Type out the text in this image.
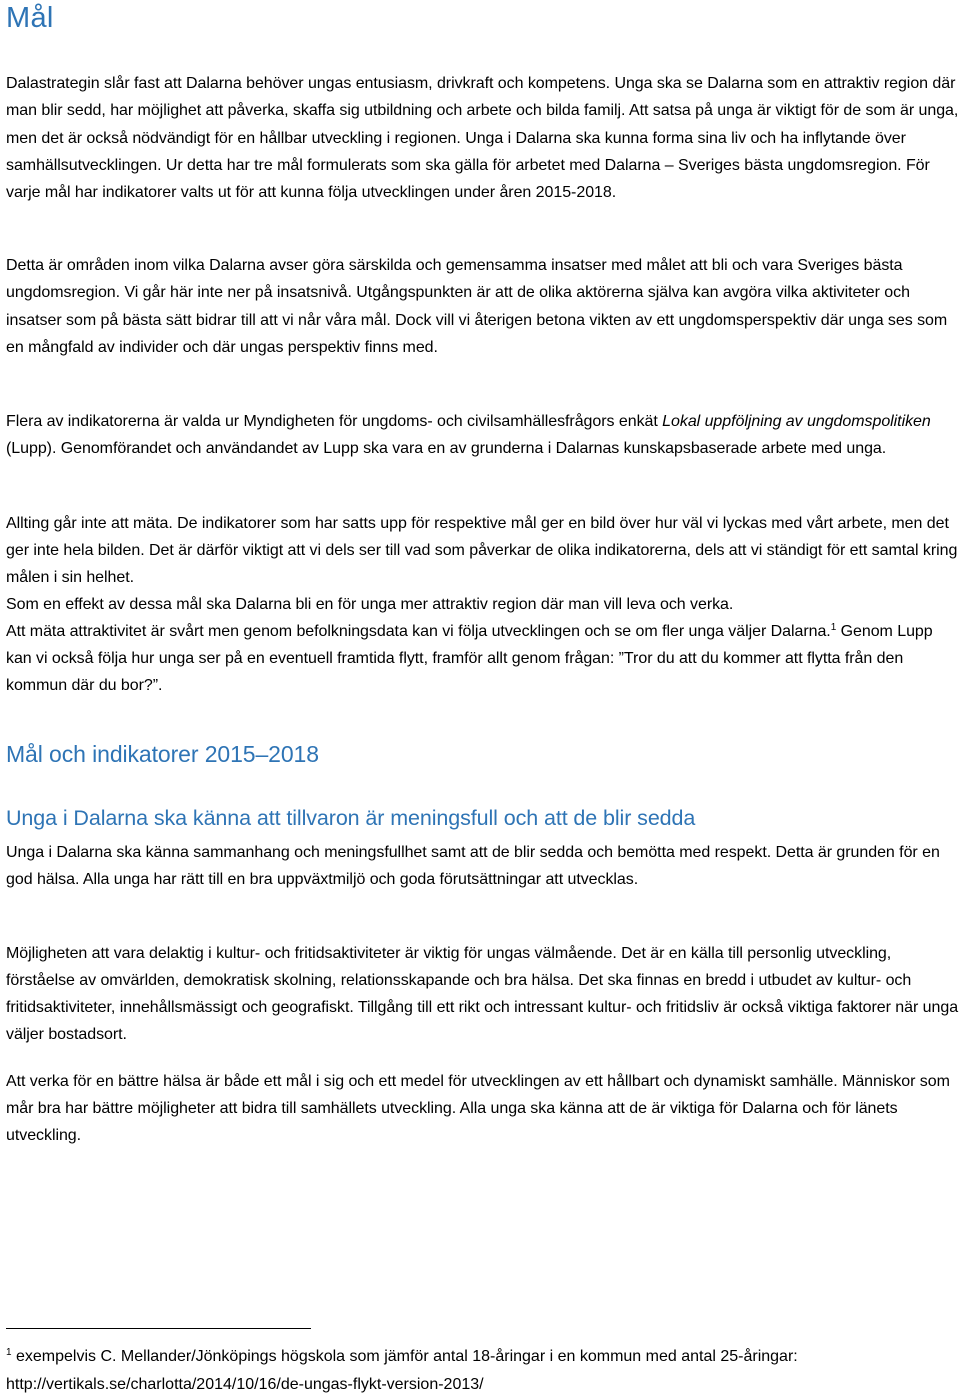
Mål

Dalastrategin slår fast att Dalarna behöver ungas entusiasm, drivkraft och kompetens. Unga ska se Dalarna som en attraktiv region där man blir sedd, har möjlighet att påverka, skaffa sig utbildning och arbete och bilda familj. Att satsa på unga är viktigt för de som är unga, men det är också nödvändigt för en hållbar utveckling i regionen. Unga i Dalarna ska kunna forma sina liv och ha inflytande över samhällsutvecklingen. Ur detta har tre mål formulerats som ska gälla för arbetet med Dalarna – Sveriges bästa ungdomsregion. För varje mål har indikatorer valts ut för att kunna följa utvecklingen under åren 2015-2018.

Detta är områden inom vilka Dalarna avser göra särskilda och gemensamma insatser med målet att bli och vara Sveriges bästa ungdomsregion. Vi går här inte ner på insatsnivå. Utgångspunkten är att de olika aktörerna själva kan avgöra vilka aktiviteter och insatser som på bästa sätt bidrar till att vi når våra mål. Dock vill vi återigen betona vikten av ett ungdomsperspektiv där unga ses som en mångfald av individer och där ungas perspektiv finns med.

Flera av indikatorerna är valda ur Myndigheten för ungdoms- och civilsamhällesfrågors enkät Lokal uppföljning av ungdomspolitiken (Lupp). Genomförandet och användandet av Lupp ska vara en av grunderna i Dalarnas kunskapsbaserade arbete med unga.

Allting går inte att mäta. De indikatorer som har satts upp för respektive mål ger en bild över hur väl vi lyckas med vårt arbete, men det ger inte hela bilden. Det är därför viktigt att vi dels ser till vad som påverkar de olika indikatorerna, dels att vi ständigt för ett samtal kring målen i sin helhet.
Som en effekt av dessa mål ska Dalarna bli en för unga mer attraktiv region där man vill leva och verka.
Att mäta attraktivitet är svårt men genom befolkningsdata kan vi följa utvecklingen och se om fler unga väljer Dalarna.$^1$ Genom Lupp kan vi också följa hur unga ser på en eventuell framtida flytt, framför allt genom frågan: ”Tror du att du kommer att flytta från den kommun där du bor?”.
Mål och indikatorer 2015–2018
Unga i Dalarna ska känna att tillvaron är meningsfull och att de blir sedda

Unga i Dalarna ska känna sammanhang och meningsfullhet samt att de blir sedda och bemötta med respekt. Detta är grunden för en god hälsa. Alla unga har rätt till en bra uppväxtmiljö och goda förutsättningar att utvecklas.

Möjligheten att vara delaktig i kultur- och fritidsaktiviteter är viktig för ungas välmående. Det är en källa till personlig utveckling, förståelse av omvärlden, demokratisk skolning, relationsskapande och bra hälsa. Det ska finnas en bredd i utbudet av kultur- och fritidsaktiviteter, innehållsmässigt och geografiskt. Tillgång till ett rikt och intressant kultur- och fritidsliv är också viktiga faktorer när unga väljer bostadsort.

Att verka för en bättre hälsa är både ett mål i sig och ett medel för utvecklingen av ett hållbart och dynamiskt samhälle. Människor som mår bra har bättre möjligheter att bidra till samhällets utveckling. Alla unga ska känna att de är viktiga för Dalarna och för länets utveckling.

$^1$ exempelvis C. Mellander/Jönköpings högskola som jämför antal 18-åringar i en kommun med antal 25-åringar: http://vertikals.se/charlotta/2014/10/16/de-ungas-flykt-version-2013/
